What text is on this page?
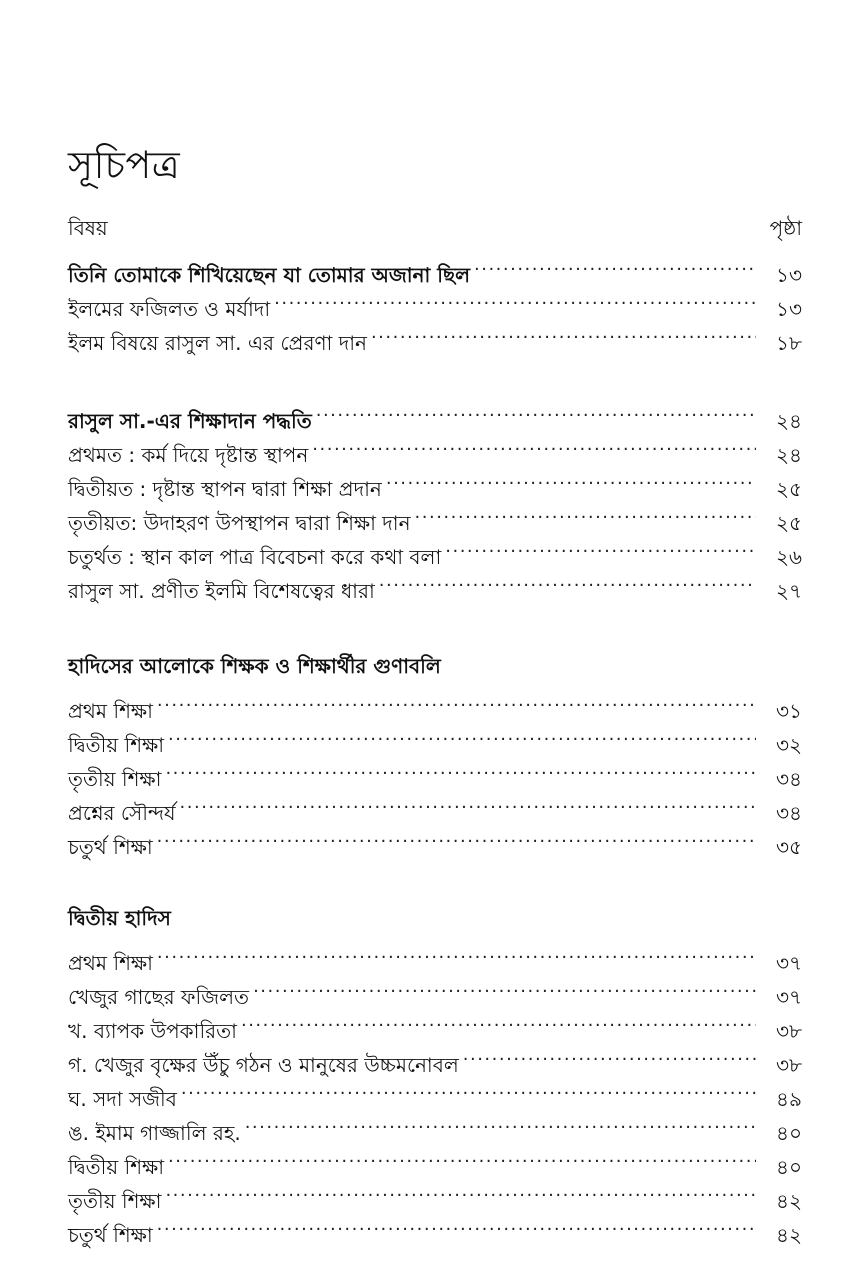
সূচিপত্র
বিষয়	পৃষ্ঠা
তিনি তোমাকে শিখিয়েছেন যা তোমার অজানা ছিল .....	১৩
ইলমের ফজিলত ও মর্যাদা .....	১৩
ইলম বিষয়ে রাসুল সা. এর প্রেরণা দান .....	১৮
রাসুল সা.-এর শিক্ষাদান পদ্ধতি .....	২৪
প্রথমত : কর্ম দিয়ে দৃষ্টান্ত স্থাপন .....	২৪
দ্বিতীয়ত : দৃষ্টান্ত স্থাপন দ্বারা শিক্ষা প্রদান .....	২৫
তৃতীয়ত: উদাহরণ উপস্থাপন দ্বারা শিক্ষা দান .....	২৫
চতুর্থত : স্থান কাল পাত্র বিবেচনা করে কথা বলা .....	২৬
রাসুল সা. প্রণীত ইলমি বিশেষত্বের ধারা .....	২৭
হাদিসের আলোকে শিক্ষক ও শিক্ষার্থীর গুণাবলি
প্রথম শিক্ষা .....	৩১
দ্বিতীয় শিক্ষা .....	৩২
তৃতীয় শিক্ষা .....	৩৪
প্রশ্নের সৌন্দর্য .....	৩৪
চতুর্থ শিক্ষা .....	৩৫
দ্বিতীয় হাদিস
প্রথম শিক্ষা .....	৩৭
খেজুর গাছের ফজিলত .....	৩৭
খ. ব্যাপক উপকারিতা .....	৩৮
গ. খেজুর বৃক্ষের উঁচু গঠন ও মানুষের উচ্চমনোবল .....	৩৮
ঘ. সদা সজীব .....	৪৯
ঙ. ইমাম গাজ্জালি রহ. .....	৪০
দ্বিতীয় শিক্ষা .....	৪০
তৃতীয় শিক্ষা .....	৪২
চতুর্থ শিক্ষা .....	৪২
